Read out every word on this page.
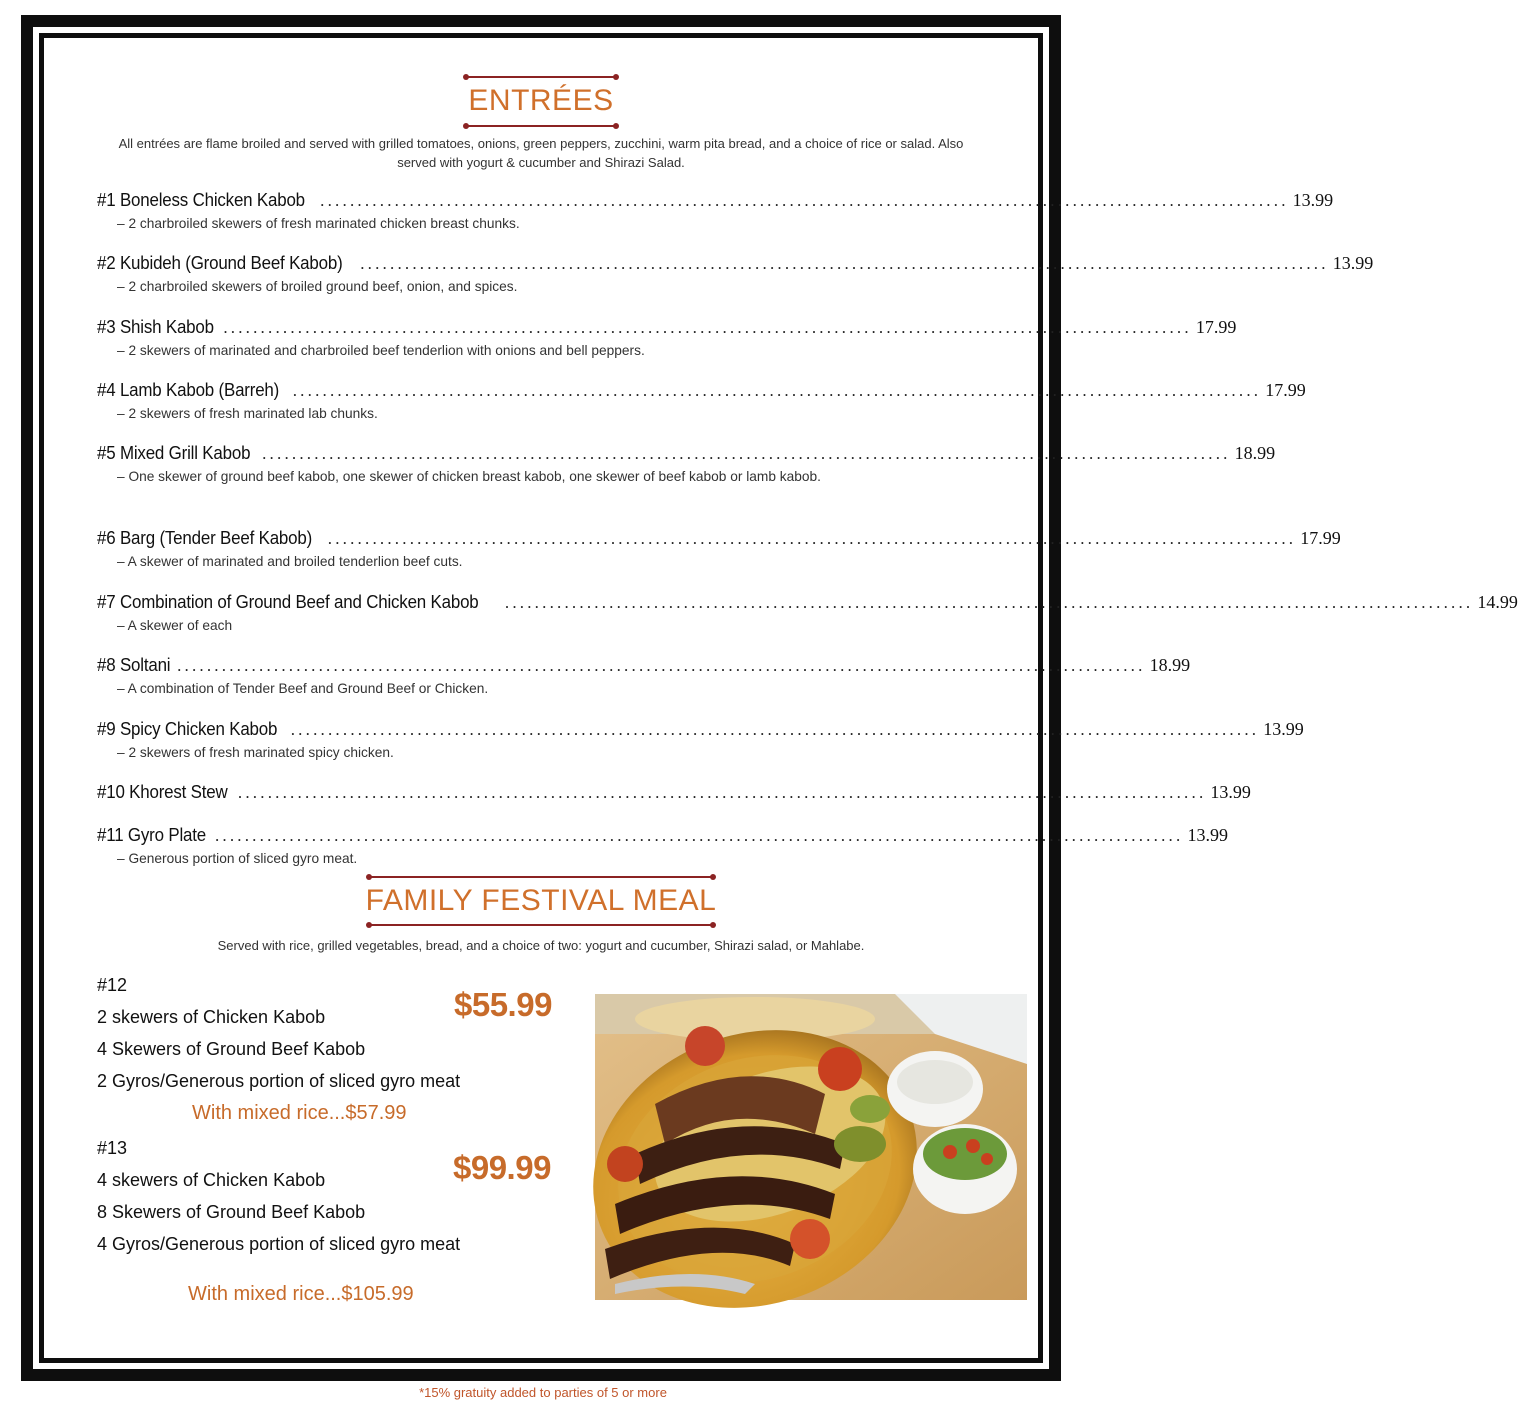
ENTRÉES
All entrées are flame broiled and served with grilled tomatoes, onions, green peppers, zucchini, warm pita bread, and a choice of rice or salad. Also served with yogurt & cucumber and Shirazi Salad.
#1 Boneless Chicken Kabob .................................................................................................................................. 13.99
– 2 charbroiled skewers of fresh marinated chicken breast chunks.
#2 Kubideh (Ground Beef Kabob) .................................................................................................................................. 13.99
– 2 charbroiled skewers of broiled ground beef, onion, and spices.
#3 Shish Kabob .................................................................................................................................. 17.99
– 2 skewers of marinated and charbroiled beef tenderlion with onions and bell peppers.
#4 Lamb Kabob (Barreh) .................................................................................................................................. 17.99
– 2 skewers of fresh marinated lab chunks.
#5 Mixed Grill Kabob .................................................................................................................................. 18.99
– One skewer of ground beef kabob, one skewer of chicken breast kabob, one skewer of beef kabob or lamb kabob.
#6 Barg (Tender Beef Kabob) .................................................................................................................................. 17.99
– A skewer of marinated and broiled tenderlion beef cuts.
#7 Combination of Ground Beef and Chicken Kabob .................................................................................................................................. 14.99
– A skewer of each
#8 Soltani .................................................................................................................................. 18.99
– A combination of Tender Beef and Ground Beef or Chicken.
#9 Spicy Chicken Kabob .................................................................................................................................. 13.99
– 2 skewers of fresh marinated spicy chicken.
#10 Khorest Stew .................................................................................................................................. 13.99
#11 Gyro Plate .................................................................................................................................. 13.99
– Generous portion of sliced gyro meat.
FAMILY FESTIVAL MEAL
Served with rice, grilled vegetables, bread, and a choice of two: yogurt and cucumber, Shirazi salad, or Mahlabe.
#12
2 skewers of Chicken Kabob
4 Skewers of Ground Beef Kabob
2 Gyros/Generous portion of sliced gyro meat
$55.99
With mixed rice...$57.99
#13
4 skewers of Chicken Kabob
8 Skewers of Ground Beef Kabob
4 Gyros/Generous portion of sliced gyro meat
$99.99
With mixed rice...$105.99
*15% gratuity added to parties of 5 or more
